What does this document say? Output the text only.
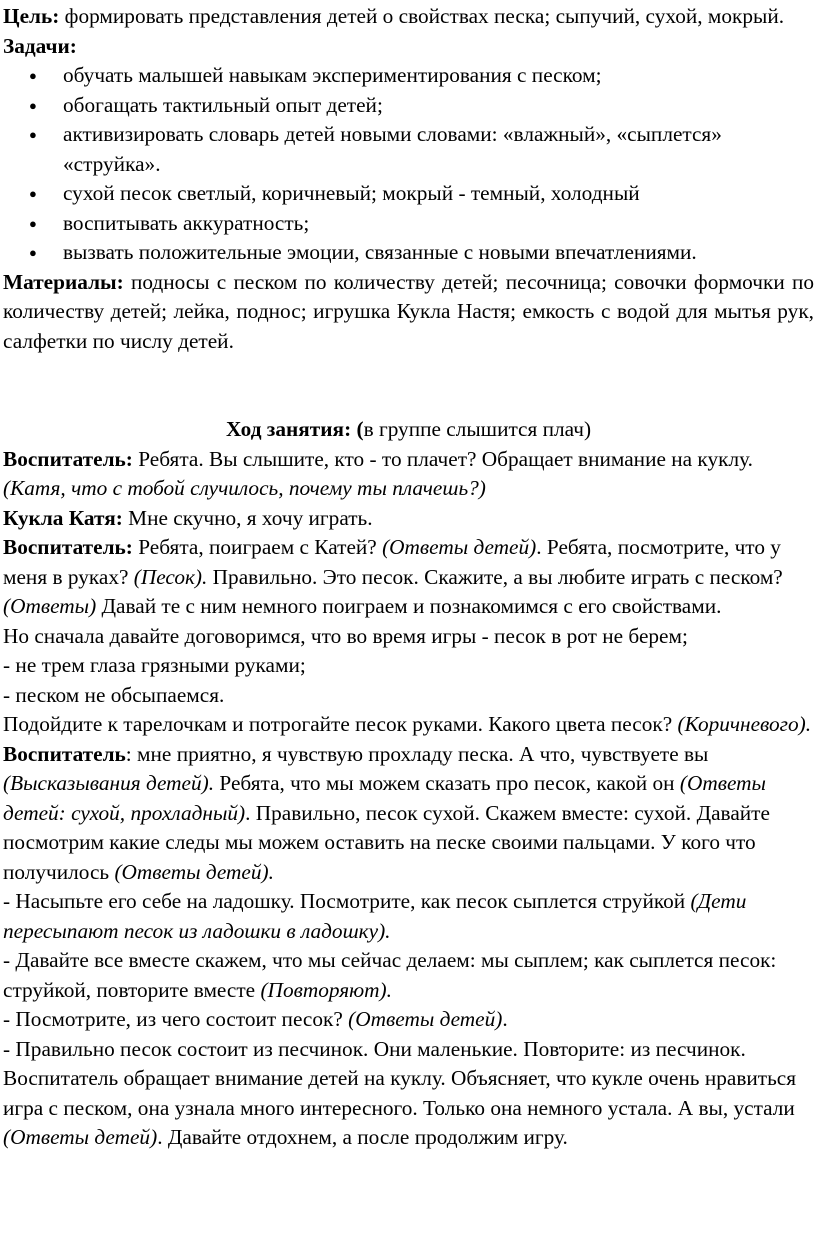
Цель: формировать представления детей о свойствах песка; сыпучий, сухой, мокрый.

Задачи:

● обучать малышей навыкам экспериментирования с песком;
● обогащать тактильный опыт детей;
● активизировать словарь детей новыми словами: «влажный», «сыплется» «струйка».
● сухой песок светлый, коричневый; мокрый - темный, холодный
● воспитывать аккуратность;
● вызвать положительные эмоции, связанные с новыми впечатлениями.

Материалы: подносы с песком по количеству детей; песочница; совочки формочки по количеству детей; лейка, поднос; игрушка Кукла Настя; емкость с водой для мытья рук, салфетки по числу детей.

Ход занятия: (в группе слышится плач)

Воспитатель: Ребята. Вы слышите, кто - то плачет? Обращает внимание на куклу. (Катя, что с тобой случилось, почему ты плачешь?)

Кукла Катя: Мне скучно, я хочу играть.

Воспитатель: Ребята, поиграем с Катей? (Ответы детей). Ребята, посмотрите, что у меня в руках? (Песок). Правильно. Это песок. Скажите, а вы любите играть с песком? (Ответы) Давай те с ним немного поиграем и познакомимся с его свойствами.

Но сначала давайте договоримся, что во время игры - песок в рот не берем;

- не трем глаза грязными руками;

- песком не обсыпаемся.

Подойдите к тарелочкам и потрогайте песок руками. Какого цвета песок? (Коричневого).

Воспитатель: мне приятно, я чувствую прохладу песка. А что, чувствуете вы (Высказывания детей). Ребята, что мы можем сказать про песок, какой он (Ответы детей: сухой, прохладный). Правильно, песок сухой. Скажем вместе: сухой. Давайте посмотрим какие следы мы можем оставить на песке своими пальцами. У кого что получилось (Ответы детей).

- Насыпьте его себе на ладошку. Посмотрите, как песок сыплется струйкой (Дети пересыпают песок из ладошки в ладошку).

- Давайте все вместе скажем, что мы сейчас делаем: мы сыплем; как сыплется песок: струйкой, повторите вместе (Повторяют).

- Посмотрите, из чего состоит песок? (Ответы детей).

- Правильно песок состоит из песчинок. Они маленькие. Повторите: из песчинок.

Воспитатель обращает внимание детей на куклу. Объясняет, что кукле очень нравиться игра с песком, она узнала много интересного. Только она немного устала. А вы, устали (Ответы детей). Давайте отдохнем, а после продолжим игру.
